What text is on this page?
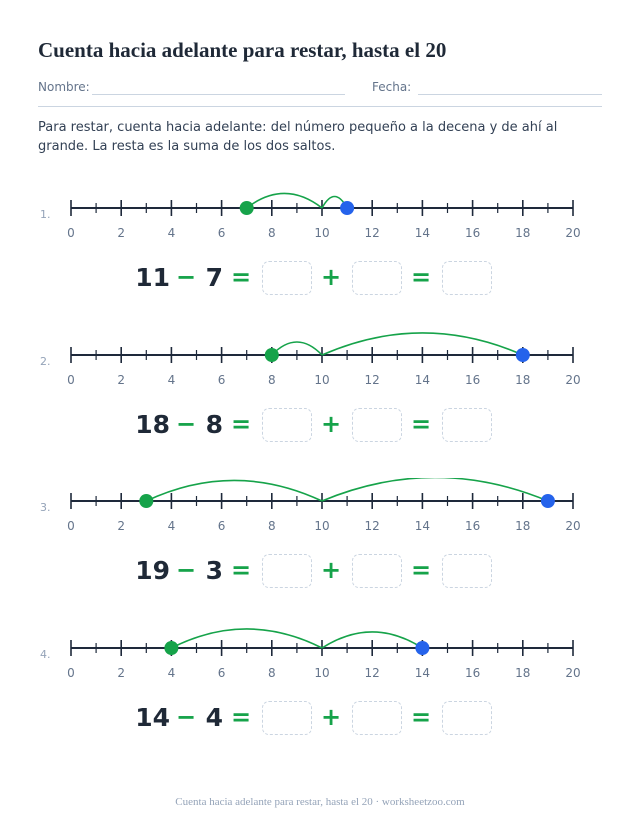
Cuenta hacia adelante para restar, hasta el 20
Nombre:	Fecha:

Para restar, cuenta hacia adelante: del número pequeño a la decena y de ahí al grande. La resta es la suma de los dos saltos.

1.
0	2	4	6	8	10	12	14	16	18	20
11 − 7 =	+	=
2.
0	2	4	6	8	10	12	14	16	18	20
18 − 8 =	+	=
3.
0	2	4	6	8	10	12	14	16	18	20
19 − 3 =	+	=
4.
0	2	4	6	8	10	12	14	16	18	20
14 − 4 =	+	=
Cuenta hacia adelante para restar, hasta el 20 · worksheetzoo.com
